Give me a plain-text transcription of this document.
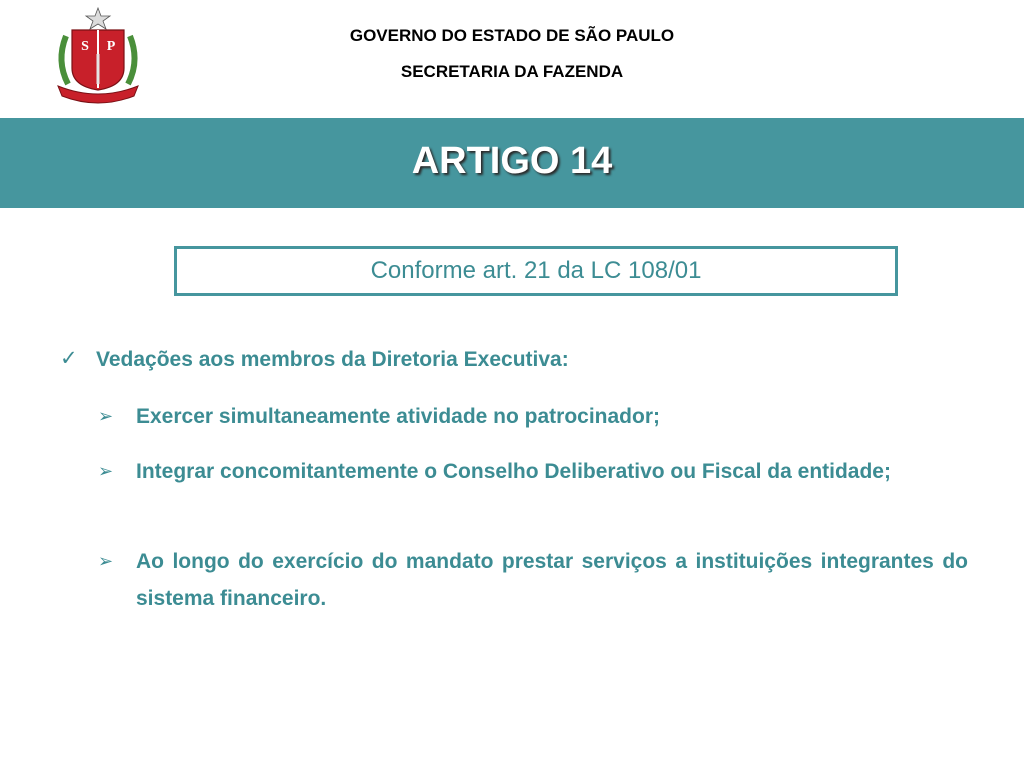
S P
GOVERNO DO ESTADO DE SÃO PAULO
SECRETARIA DA FAZENDA
ARTIGO 14
Conforme art. 21 da LC 108/01
✓ Vedações aos membros da Diretoria Executiva:
➢ Exercer simultaneamente atividade no patrocinador;
➢ Integrar concomitantemente o Conselho Deliberativo ou Fiscal da entidade;
➢ Ao longo do exercício do mandato prestar serviços a instituições integrantes do sistema financeiro.
